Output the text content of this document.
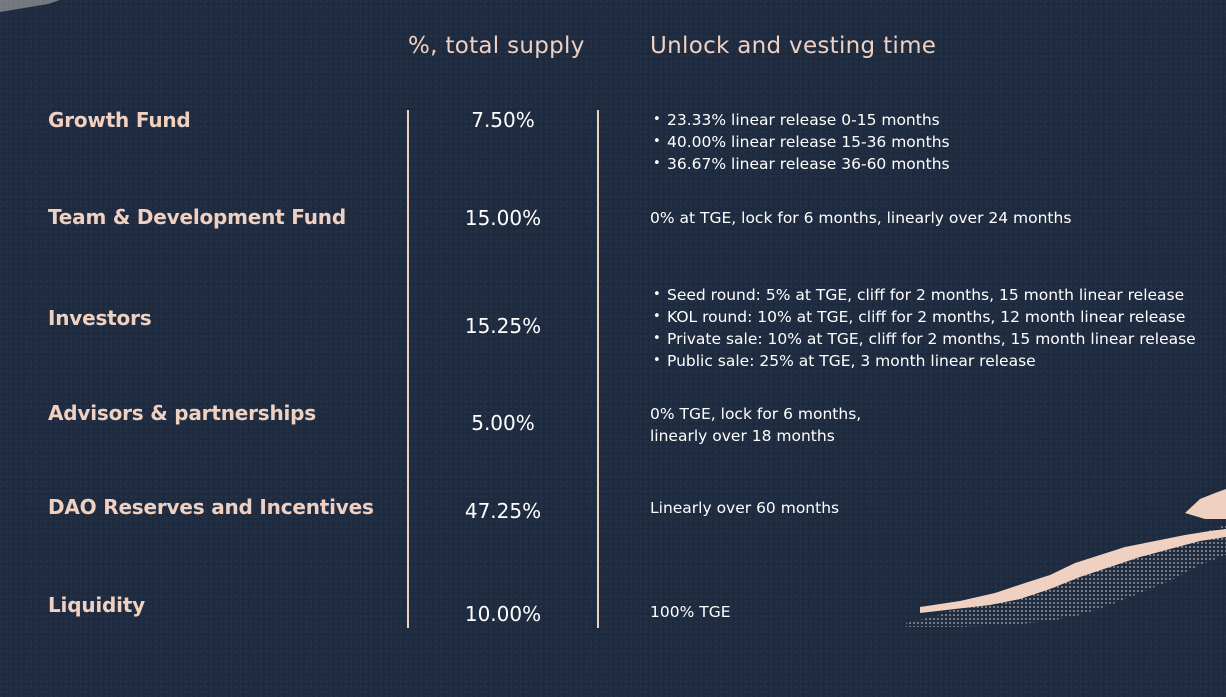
%, total supply	Unlock and vesting time
Growth Fund	7.50%
•	23.33% linear release 0-15 months
• 40.00% linear release 15-36 months
• 36.67% linear release 36-60 months
Team & Development Fund	15.00%	0% at TGE, lock for 6 months, linearly over 24 months
Investors	15.25%
• Seed round: 5% at TGE, cliff for 2 months, 15 month linear release
• KOL round: 10% at TGE, cliff for 2 months, 12 month linear release
• Private sale: 10% at TGE, cliff for 2 months, 15 month linear release
• Public sale: 25% at TGE, 3 month linear release
Advisors & partnerships	5.00%	0% TGE, lock for 6 months,
linearly over 18 months
DAO Reserves and Incentives	47.25%	Linearly over 60 months
Liquidity	10.00%	100% TGE
